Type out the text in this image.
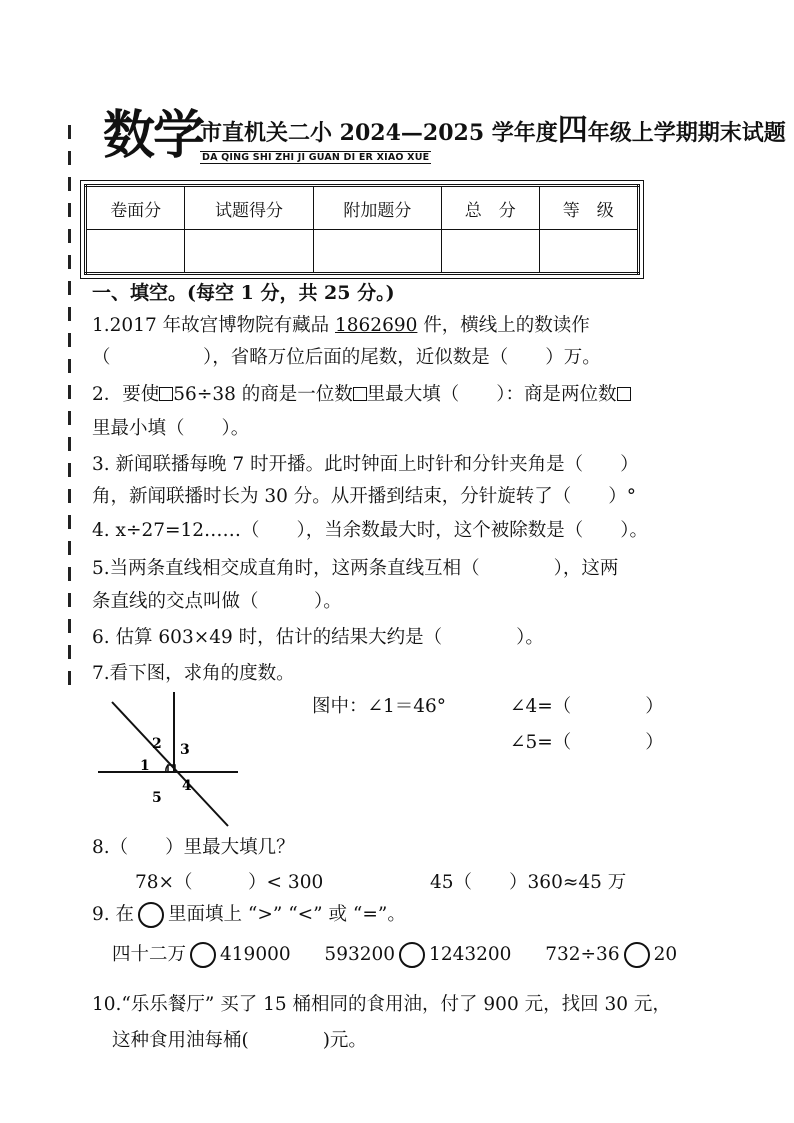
数学
市直机关二小 2024—2025 学年度四年级上学期期末试题
DA QING SHI ZHI JI GUAN DI ER XIAO XUE
卷面分	试题得分	附加题分	总　分	等　级

一、填空。(每空 1 分，共 25 分。)
1.2017 年故宫博物院有藏品 1862690 件，横线上的数读作
（　　　　　），省略万位后面的尾数，近似数是（　　）万。
2．要使 56÷38 的商是一位数 里最大填（　　）：商是两位数
里最小填（　　）。
3. 新闻联播每晚 7 时开播。此时钟面上时针和分针夹角是（　　）
角，新闻联播时长为 30 分。从开播到结束，分针旋转了（　　）°
4. x÷27=12……（　　），当余数最大时，这个被除数是（　　）。
5.当两条直线相交成直角时，这两条直线互相（　　　　），这两
条直线的交点叫做（　　　）。
6. 估算 603×49 时，估计的结果大约是（　　　　）。
7.看下图，求角的度数。
1
2 3
4
5
图中：∠1＝46°	∠4=（　　　　）
∠5=（　　　　）
8.（　　）里最大填几？
78×（　　　）< 300	45（　　）360≈45 万
9. 在 里面填上 “>” “<” 或 “=”。
四十二万 419000 593200 1243200 732÷36 20
10.“乐乐餐厅” 买了 15 桶相同的食用油，付了 900 元，找回 30 元，
这种食用油每桶(　　　　)元。
